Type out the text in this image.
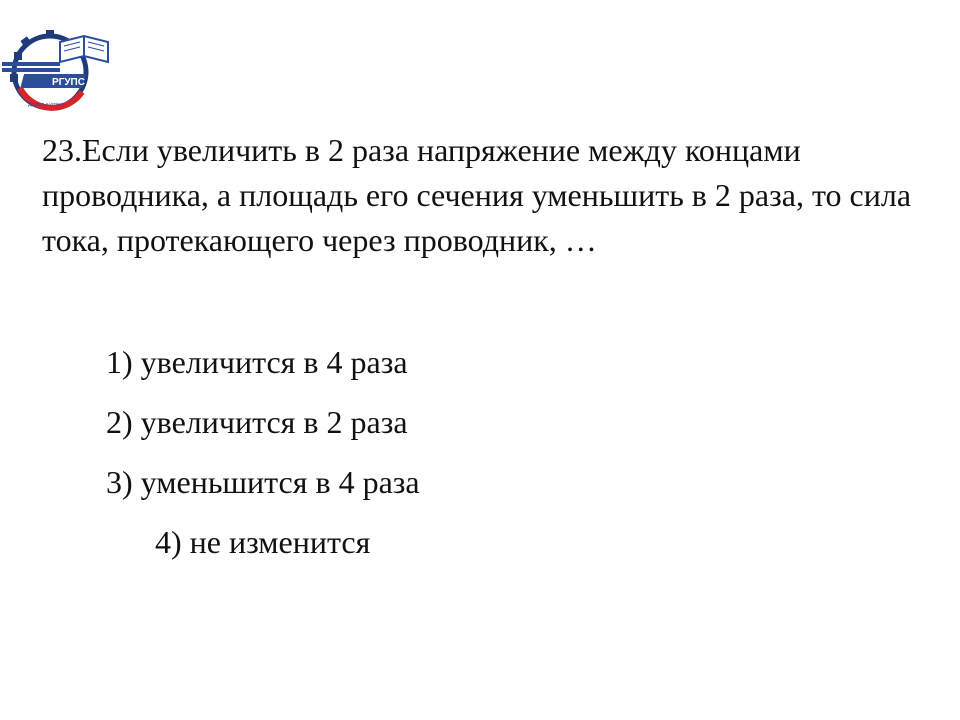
РГУПС
Дорога к успеху

23.Если увеличить в 2 раза напряжение между концами проводника, а площадь его сечения уменьшить в 2 раза, то сила тока, протекающего через проводник, …

1) увеличится в 4 раза
2) увеличится в 2 раза
3) уменьшится в 4 раза
4) не изменится
